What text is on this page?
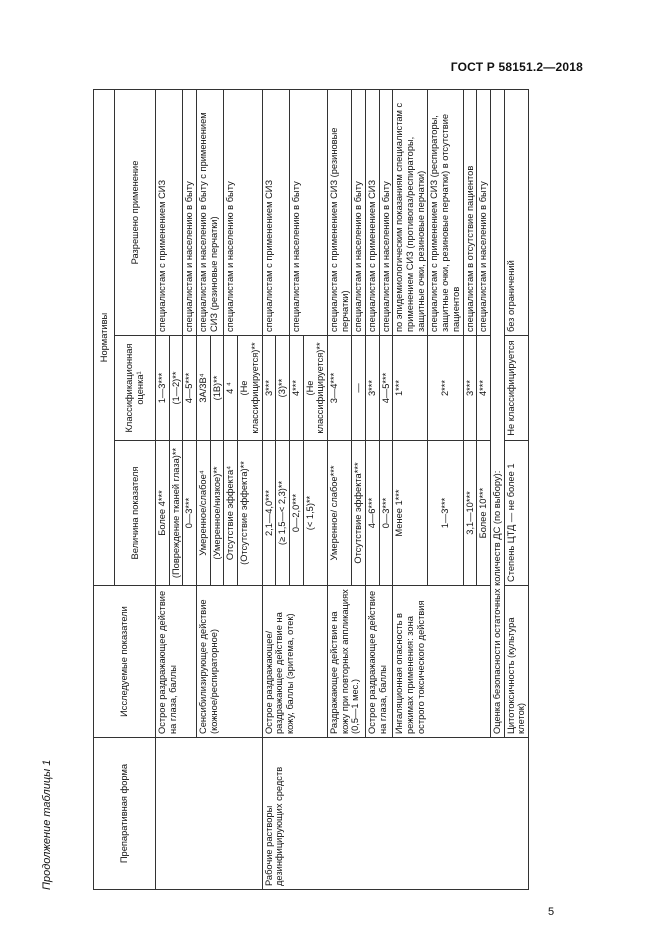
ГОСТ Р 58151.2—2018
Продолжение таблицы 1	Препаративная форма	Исследуемые показатели	Нормативы		
		Величина показателя	Классификационная оценка¹	Разрешено применение
	Острое раздражающее действие на глаза, баллы	Более 4***	1—3***	специалистам с применением СИЗ
		(Повреждение тканей глаза)**	(1—2)**	
		0—3***	4—5***	специалистам и населению в быту
	Сенсибилизирующее действие (кожное/респираторное)	Умеренное/слабое⁴	3А/3В⁴	специалистам и населению в быту с применением СИЗ (резиновые перчатки)
		(Умеренное/низкое)**	(1В)**	
		Отсутствие эффекта⁴	4 ⁴	специалистам и населению в быту
		(Отсутствие эффекта)**	(Не классифицируется)**	
Рабочие растворы дезинфицирующих средств	Острое раздражающее/ раздражающее действие на кожу, баллы (эритема, отек)	2,1—4,0***	3***	специалистам с применением СИЗ
		(≥ 1,5—< 2,3)**	(3)**	
		0—2,0***	4***	специалистам и населению в быту
		(< 1,5)**	(Не классифицируется)**	
	Раздражающее действие на кожу при повторных аппликациях (0,5—1 мес.)	Умеренное/ слабое***	3—4***	специалистам с применением СИЗ (резиновые перчатки)
		Отсутствие эффекта***	—	специалистам и населению в быту
	Острое раздражающее действие на глаза, баллы	4—6***	3***	специалистам с применением СИЗ
		0—3***	4—5***	специалистам и населению в быту
	Ингаляционная опасность в режимах применения: зона острого токсического действия	Менее 1***	1***	по эпидемиологическим показаниям специалистам с применением СИЗ (противогаз/респираторы, защитные очки, резиновые перчатки)
		1—3***	2***	специалистам с применением СИЗ (респираторы, защитные очки, резиновые перчатки) в отсутствие пациентов
		3,1—10***	3***	специалистам в отсутствие пациентов
		Более 10***	4***	специалистам и населению в быту
	Оценка безопасности остаточных количеств ДС (по выбору):			
	Цитотоксичность (культура клеток)	Степень ЦТД — не более 1	Не классифицируется	без ограничений
5
